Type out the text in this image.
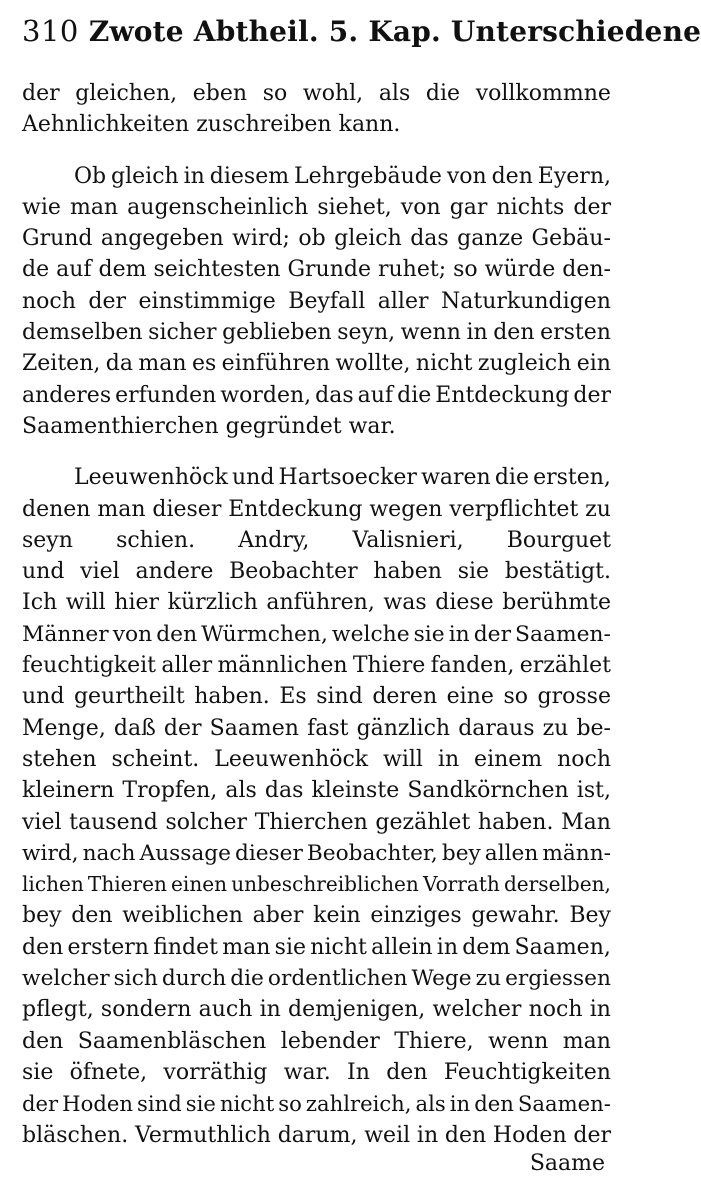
310 Zwote Abtheil. 5. Kap. Unterschiedene
der gleichen, eben so wohl, als die vollkommne
Aehnlichkeiten zuschreiben kann.
Ob gleich in diesem Lehrgebäude von den Eyern,
wie man augenscheinlich siehet, von gar nichts der
Grund angegeben wird; ob gleich das ganze Gebäu-
de auf dem seichtesten Grunde ruhet; so würde den-
noch der einstimmige Beyfall aller Naturkundigen
demselben sicher geblieben seyn, wenn in den ersten
Zeiten, da man es einführen wollte, nicht zugleich ein
anderes erfunden worden, das auf die Entdeckung der
Saamenthierchen gegründet war.
Leeuwenhöck und Hartsoecker waren die ersten,
denen man dieser Entdeckung wegen verpflichtet zu
seyn schien. Andry, Valisnieri, Bourguet
und viel andere Beobachter haben sie bestätigt.
Ich will hier kürzlich anführen, was diese berühmte
Männer von den Würmchen, welche sie in der Saamen-
feuchtigkeit aller männlichen Thiere fanden, erzählet
und geurtheilt haben. Es sind deren eine so grosse
Menge, daß der Saamen fast gänzlich daraus zu be-
stehen scheint. Leeuwenhöck will in einem noch
kleinern Tropfen, als das kleinste Sandkörnchen ist,
viel tausend solcher Thierchen gezählet haben. Man
wird, nach Aussage dieser Beobachter, bey allen männ-
lichen Thieren einen unbeschreiblichen Vorrath derselben,
bey den weiblichen aber kein einziges gewahr. Bey
den erstern findet man sie nicht allein in dem Saamen,
welcher sich durch die ordentlichen Wege zu ergiessen
pflegt, sondern auch in demjenigen, welcher noch in
den Saamenbläschen lebender Thiere, wenn man
sie öfnete, vorräthig war. In den Feuchtigkeiten
der Hoden sind sie nicht so zahlreich, als in den Saamen-
bläschen. Vermuthlich darum, weil in den Hoden der
Saame
